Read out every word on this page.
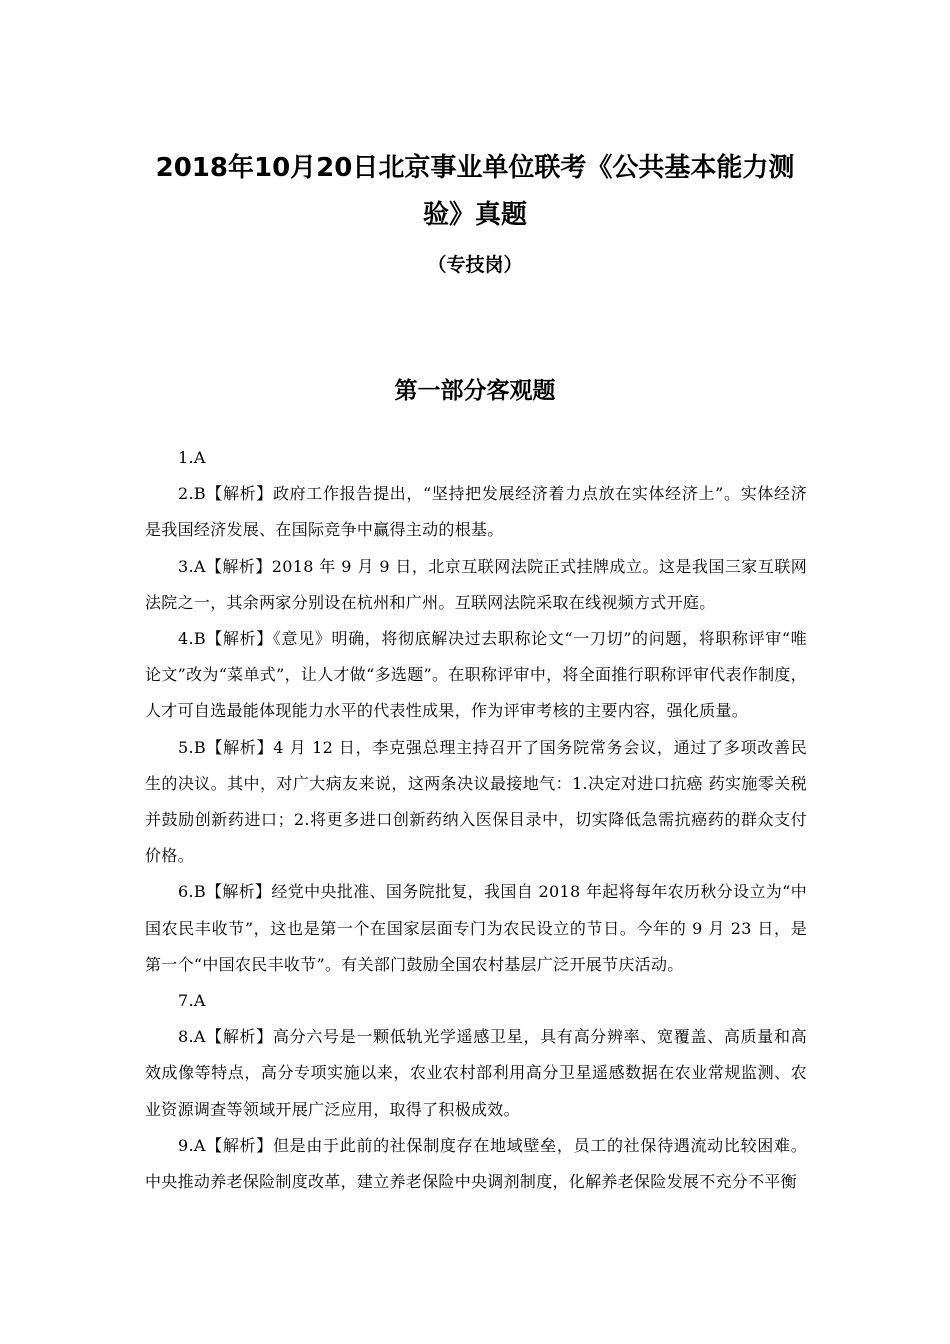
2018年10月20日北京事业单位联考《公共基本能力测
验》真题
（专技岗）
第一部分客观题

1.A

2.B【解析】政府工作报告提出，“坚持把发展经济着力点放在实体经济上”。实体经济是我国经济发展、在国际竞争中赢得主动的根基。

3.A【解析】2018 年 9 月 9 日，北京互联网法院正式挂牌成立。这是我国三家互联网法院之一，其余两家分别设在杭州和广州。互联网法院采取在线视频方式开庭。

4.B【解析】《意见》明确，将彻底解决过去职称论文“一刀切”的问题，将职称评审“唯论文”改为“菜单式”，让人才做“多选题”。在职称评审中，将全面推行职称评审代表作制度，人才可自选最能体现能力水平的代表性成果，作为评审考核的主要内容，强化质量。

5.B【解析】4 月 12 日，李克强总理主持召开了国务院常务会议，通过了多项改善民生的决议。其中，对广大病友来说，这两条决议最接地气：1.决定对进口抗癌 药实施零关税并鼓励创新药进口；2.将更多进口创新药纳入医保目录中，切实降低急需抗癌药的群众支付价格。

6.B【解析】经党中央批准、国务院批复，我国自 2018 年起将每年农历秋分设立为“中国农民丰收节”，这也是第一个在国家层面专门为农民设立的节日。今年的 9 月 23 日，是第一个“中国农民丰收节”。有关部门鼓励全国农村基层广泛开展节庆活动。

7.A

8.A【解析】高分六号是一颗低轨光学遥感卫星，具有高分辨率、宽覆盖、高质量和高效成像等特点，高分专项实施以来，农业农村部利用高分卫星遥感数据在农业常规监测、农业资源调查等领域开展广泛应用，取得了积极成效。

9.A【解析】但是由于此前的社保制度存在地域壁垒，员工的社保待遇流动比较困难。中央推动养老保险制度改革，建立养老保险中央调剂制度，化解养老保险发展不充分不平衡
